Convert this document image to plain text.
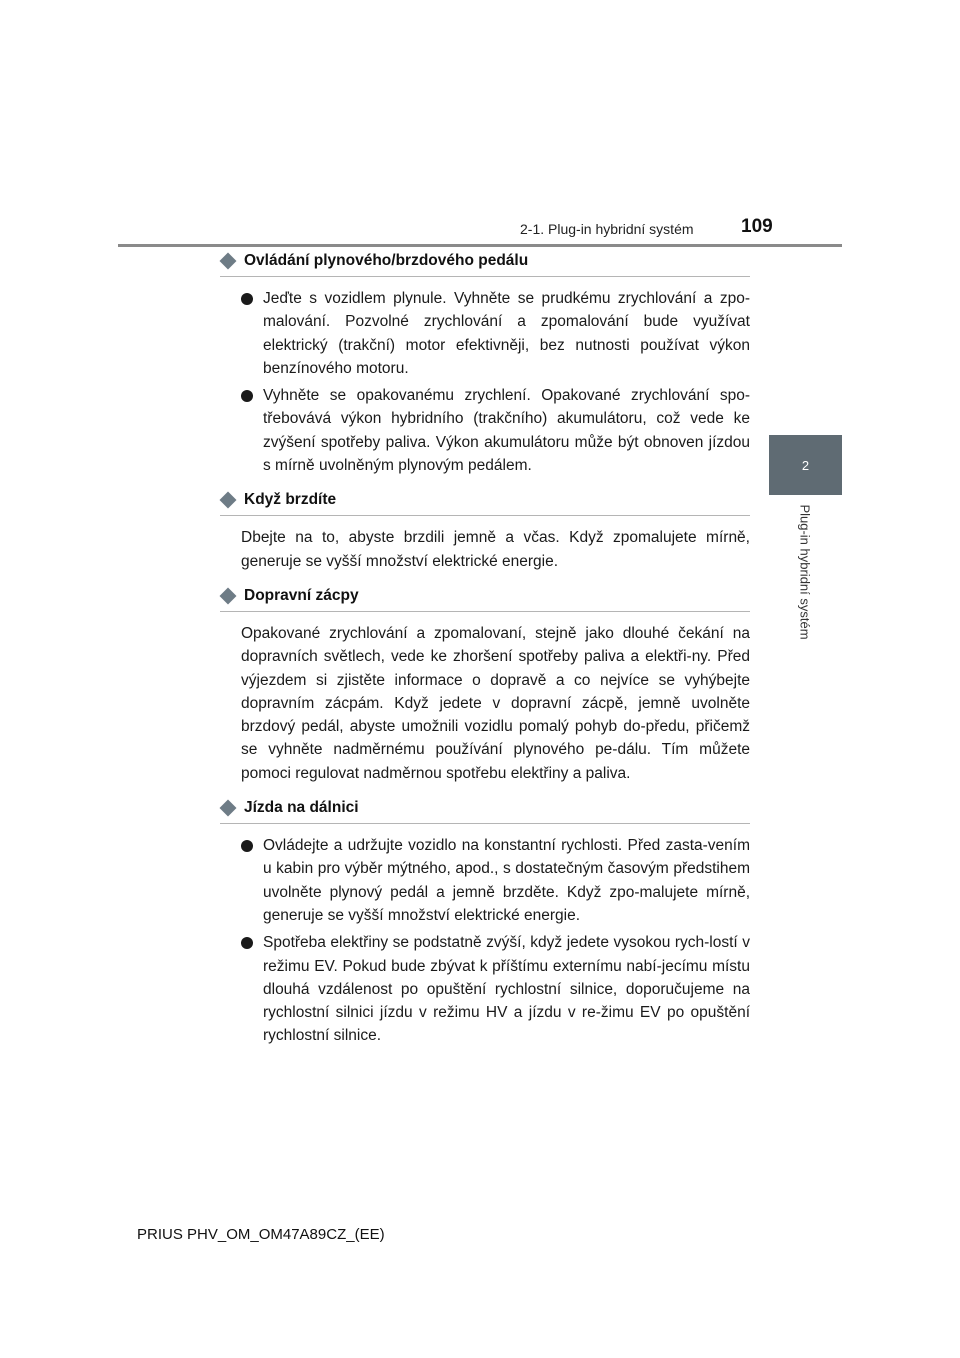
2-1. Plug-in hybridní systém 109
2
Plug-in hybridní systém
Ovládání plynového/brzdového pedálu
Jeďte s vozidlem plynule. Vyhněte se prudkému zrychlování a zpo-malování. Pozvolné zrychlování a zpomalování bude využívat elektrický (trakční) motor efektivněji, bez nutnosti používat výkon benzínového motoru.
Vyhněte se opakovanému zrychlení. Opakované zrychlování spo-třebovává výkon hybridního (trakčního) akumulátoru, což vede ke zvýšení spotřeby paliva. Výkon akumulátoru může být obnoven jízdou s mírně uvolněným plynovým pedálem.
Když brzdíte
Dbejte na to, abyste brzdili jemně a včas. Když zpomalujete mírně, generuje se vyšší množství elektrické energie.
Dopravní zácpy
Opakované zrychlování a zpomalovaní, stejně jako dlouhé čekání na dopravních světlech, vede ke zhoršení spotřeby paliva a elektři-ny. Před výjezdem si zjistěte informace o dopravě a co nejvíce se vyhýbejte dopravním zácpám. Když jedete v dopravní zácpě, jemně uvolněte brzdový pedál, abyste umožnili vozidlu pomalý pohyb do-předu, přičemž se vyhněte nadměrnému používání plynového pe-dálu. Tím můžete pomoci regulovat nadměrnou spotřebu elektřiny a paliva.
Jízda na dálnici
Ovládejte a udržujte vozidlo na konstantní rychlosti. Před zasta-vením u kabin pro výběr mýtného, apod., s dostatečným časovým předstihem uvolněte plynový pedál a jemně brzděte. Když zpo-malujete mírně, generuje se vyšší množství elektrické energie.
Spotřeba elektřiny se podstatně zvýší, když jedete vysokou rych-lostí v režimu EV. Pokud bude zbývat k příštímu externímu nabí-jecímu místu dlouhá vzdálenost po opuštění rychlostní silnice, doporučujeme na rychlostní silnici jízdu v režimu HV a jízdu v re-žimu EV po opuštění rychlostní silnice.
PRIUS PHV_OM_OM47A89CZ_(EE)
